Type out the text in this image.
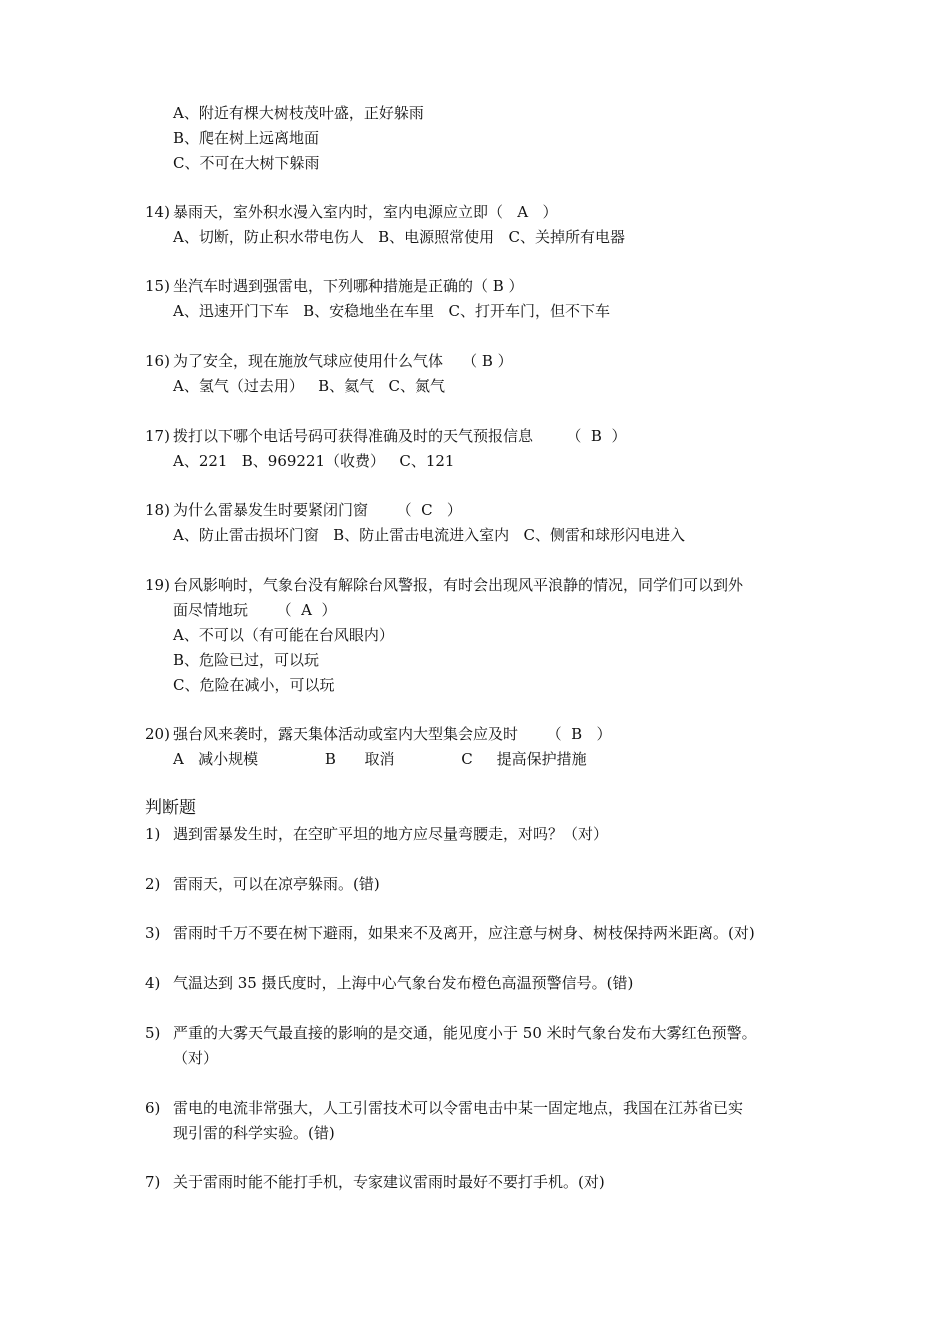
A、附近有棵大树枝茂叶盛，正好躲雨
B、爬在树上远离地面
C、不可在大树下躲雨
14) 暴雨天，室外积水漫入室内时，室内电源应立即（   A   ）
A、切断，防止积水带电伤人   B、电源照常使用   C、关掉所有电器
15) 坐汽车时遇到强雷电，下列哪种措施是正确的（ B ）
A、迅速开门下车   B、安稳地坐在车里   C、打开车门，但不下车
16) 为了安全，现在施放气球应使用什么气体    （ B ）
A、氢气（过去用）   B、氦气   C、氮气
17) 拨打以下哪个电话号码可获得准确及时的天气预报信息       （  B  ）
A、221   B、969221（收费）   C、121
18) 为什么雷暴发生时要紧闭门窗      （  C   ）
A、防止雷击损坏门窗   B、防止雷击电流进入室内   C、侧雷和球形闪电进入
19) 台风影响时，气象台没有解除台风警报，有时会出现风平浪静的情况，同学们可以到外
面尽情地玩      （  A  ）
A、不可以（有可能在台风眼内）
B、危险已过，可以玩
C、危险在减小，可以玩
20) 强台风来袭时，露天集体活动或室内大型集会应及时      （  B   ）
A   减小规模              B      取消              C     提高保护措施
判断题
1) 遇到雷暴发生时，在空旷平坦的地方应尽量弯腰走，对吗？（对）
2) 雷雨天，可以在凉亭躲雨。(错)
3) 雷雨时千万不要在树下避雨，如果来不及离开，应注意与树身、树枝保持两米距离。(对)
4) 气温达到 35 摄氏度时，上海中心气象台发布橙色高温预警信号。(错)
5) 严重的大雾天气最直接的影响的是交通，能见度小于 50 米时气象台发布大雾红色预警。
（对）
6) 雷电的电流非常强大，人工引雷技术可以令雷电击中某一固定地点，我国在江苏省已实
现引雷的科学实验。(错)
7) 关于雷雨时能不能打手机，专家建议雷雨时最好不要打手机。(对)
